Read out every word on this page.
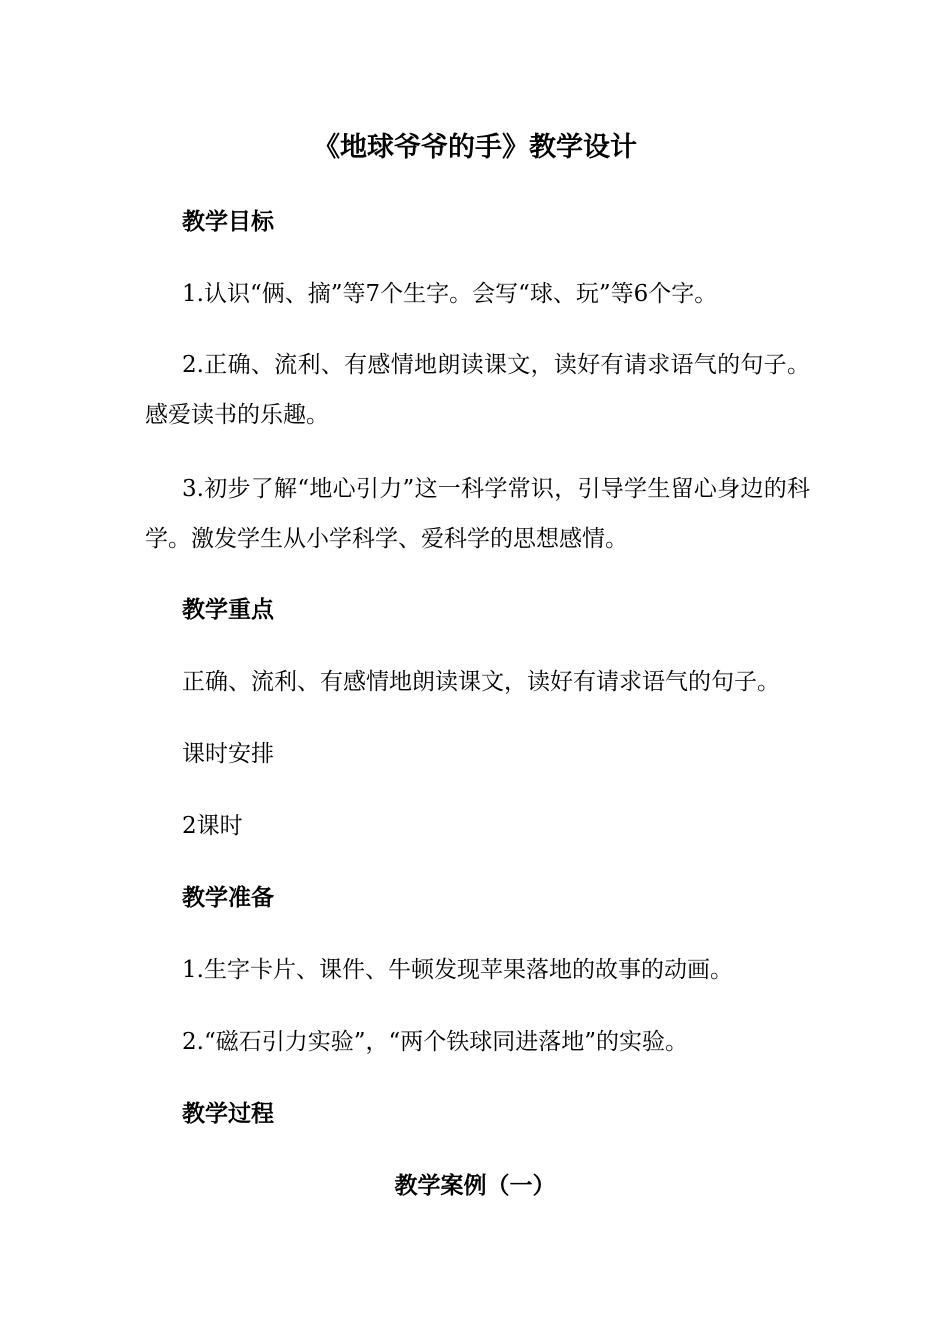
《地球爷爷的手》教学设计
教学目标
1.认识“俩、摘”等7个生字。会写“球、玩”等6个字。

2.正确、流利、有感情地朗读课文，读好有请求语气的句子。感爱读书的乐趣。

3.初步了解“地心引力”这一科学常识，引导学生留心身边的科学。激发学生从小学科学、爱科学的思想感情。

教学重点
正确、流利、有感情地朗读课文，读好有请求语气的句子。
课时安排
2课时
教学准备
1.生字卡片、课件、牛顿发现苹果落地的故事的动画。
2.“磁石引力实验”，“两个铁球同进落地”的实验。
教学过程
教学案例（一）
